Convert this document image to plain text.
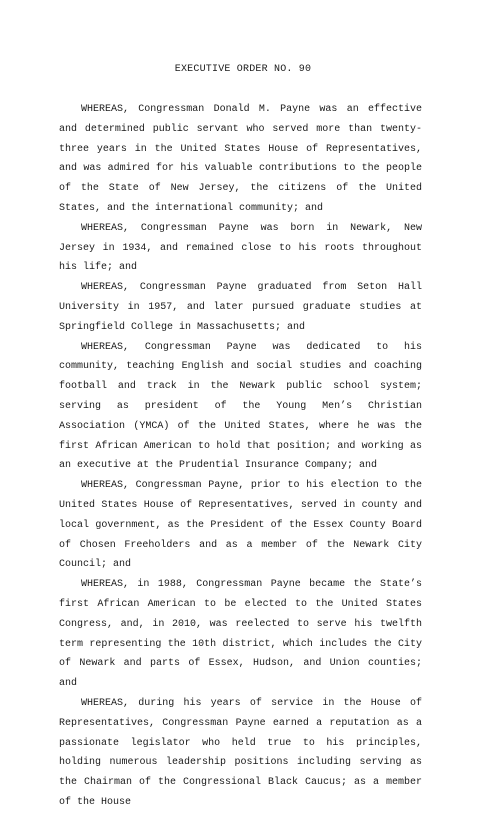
EXECUTIVE ORDER NO. 90

WHEREAS, Congressman Donald M. Payne was an effective and determined public servant who served more than twenty-three years in the United States House of Representatives, and was admired for his valuable contributions to the people of the State of New Jersey, the citizens of the United States, and the international community; and

WHEREAS, Congressman Payne was born in Newark, New Jersey in 1934, and remained close to his roots throughout his life; and

WHEREAS, Congressman Payne graduated from Seton Hall University in 1957, and later pursued graduate studies at Springfield College in Massachusetts; and

WHEREAS, Congressman Payne was dedicated to his community, teaching English and social studies and coaching football and track in the Newark public school system; serving as president of the Young Men’s Christian Association (YMCA) of the United States, where he was the first African American to hold that position; and working as an executive at the Prudential Insurance Company; and

WHEREAS, Congressman Payne, prior to his election to the United States House of Representatives, served in county and local government, as the President of the Essex County Board of Chosen Freeholders and as a member of the Newark City Council; and

WHEREAS, in 1988, Congressman Payne became the State’s first African American to be elected to the United States Congress, and, in 2010, was reelected to serve his twelfth term representing the 10th district, which includes the City of Newark and parts of Essex, Hudson, and Union counties; and

WHEREAS, during his years of service in the House of Representatives, Congressman Payne earned a reputation as a passionate legislator who held true to his principles, holding numerous leadership positions including serving as the Chairman of the Congressional Black Caucus; as a member of the House
